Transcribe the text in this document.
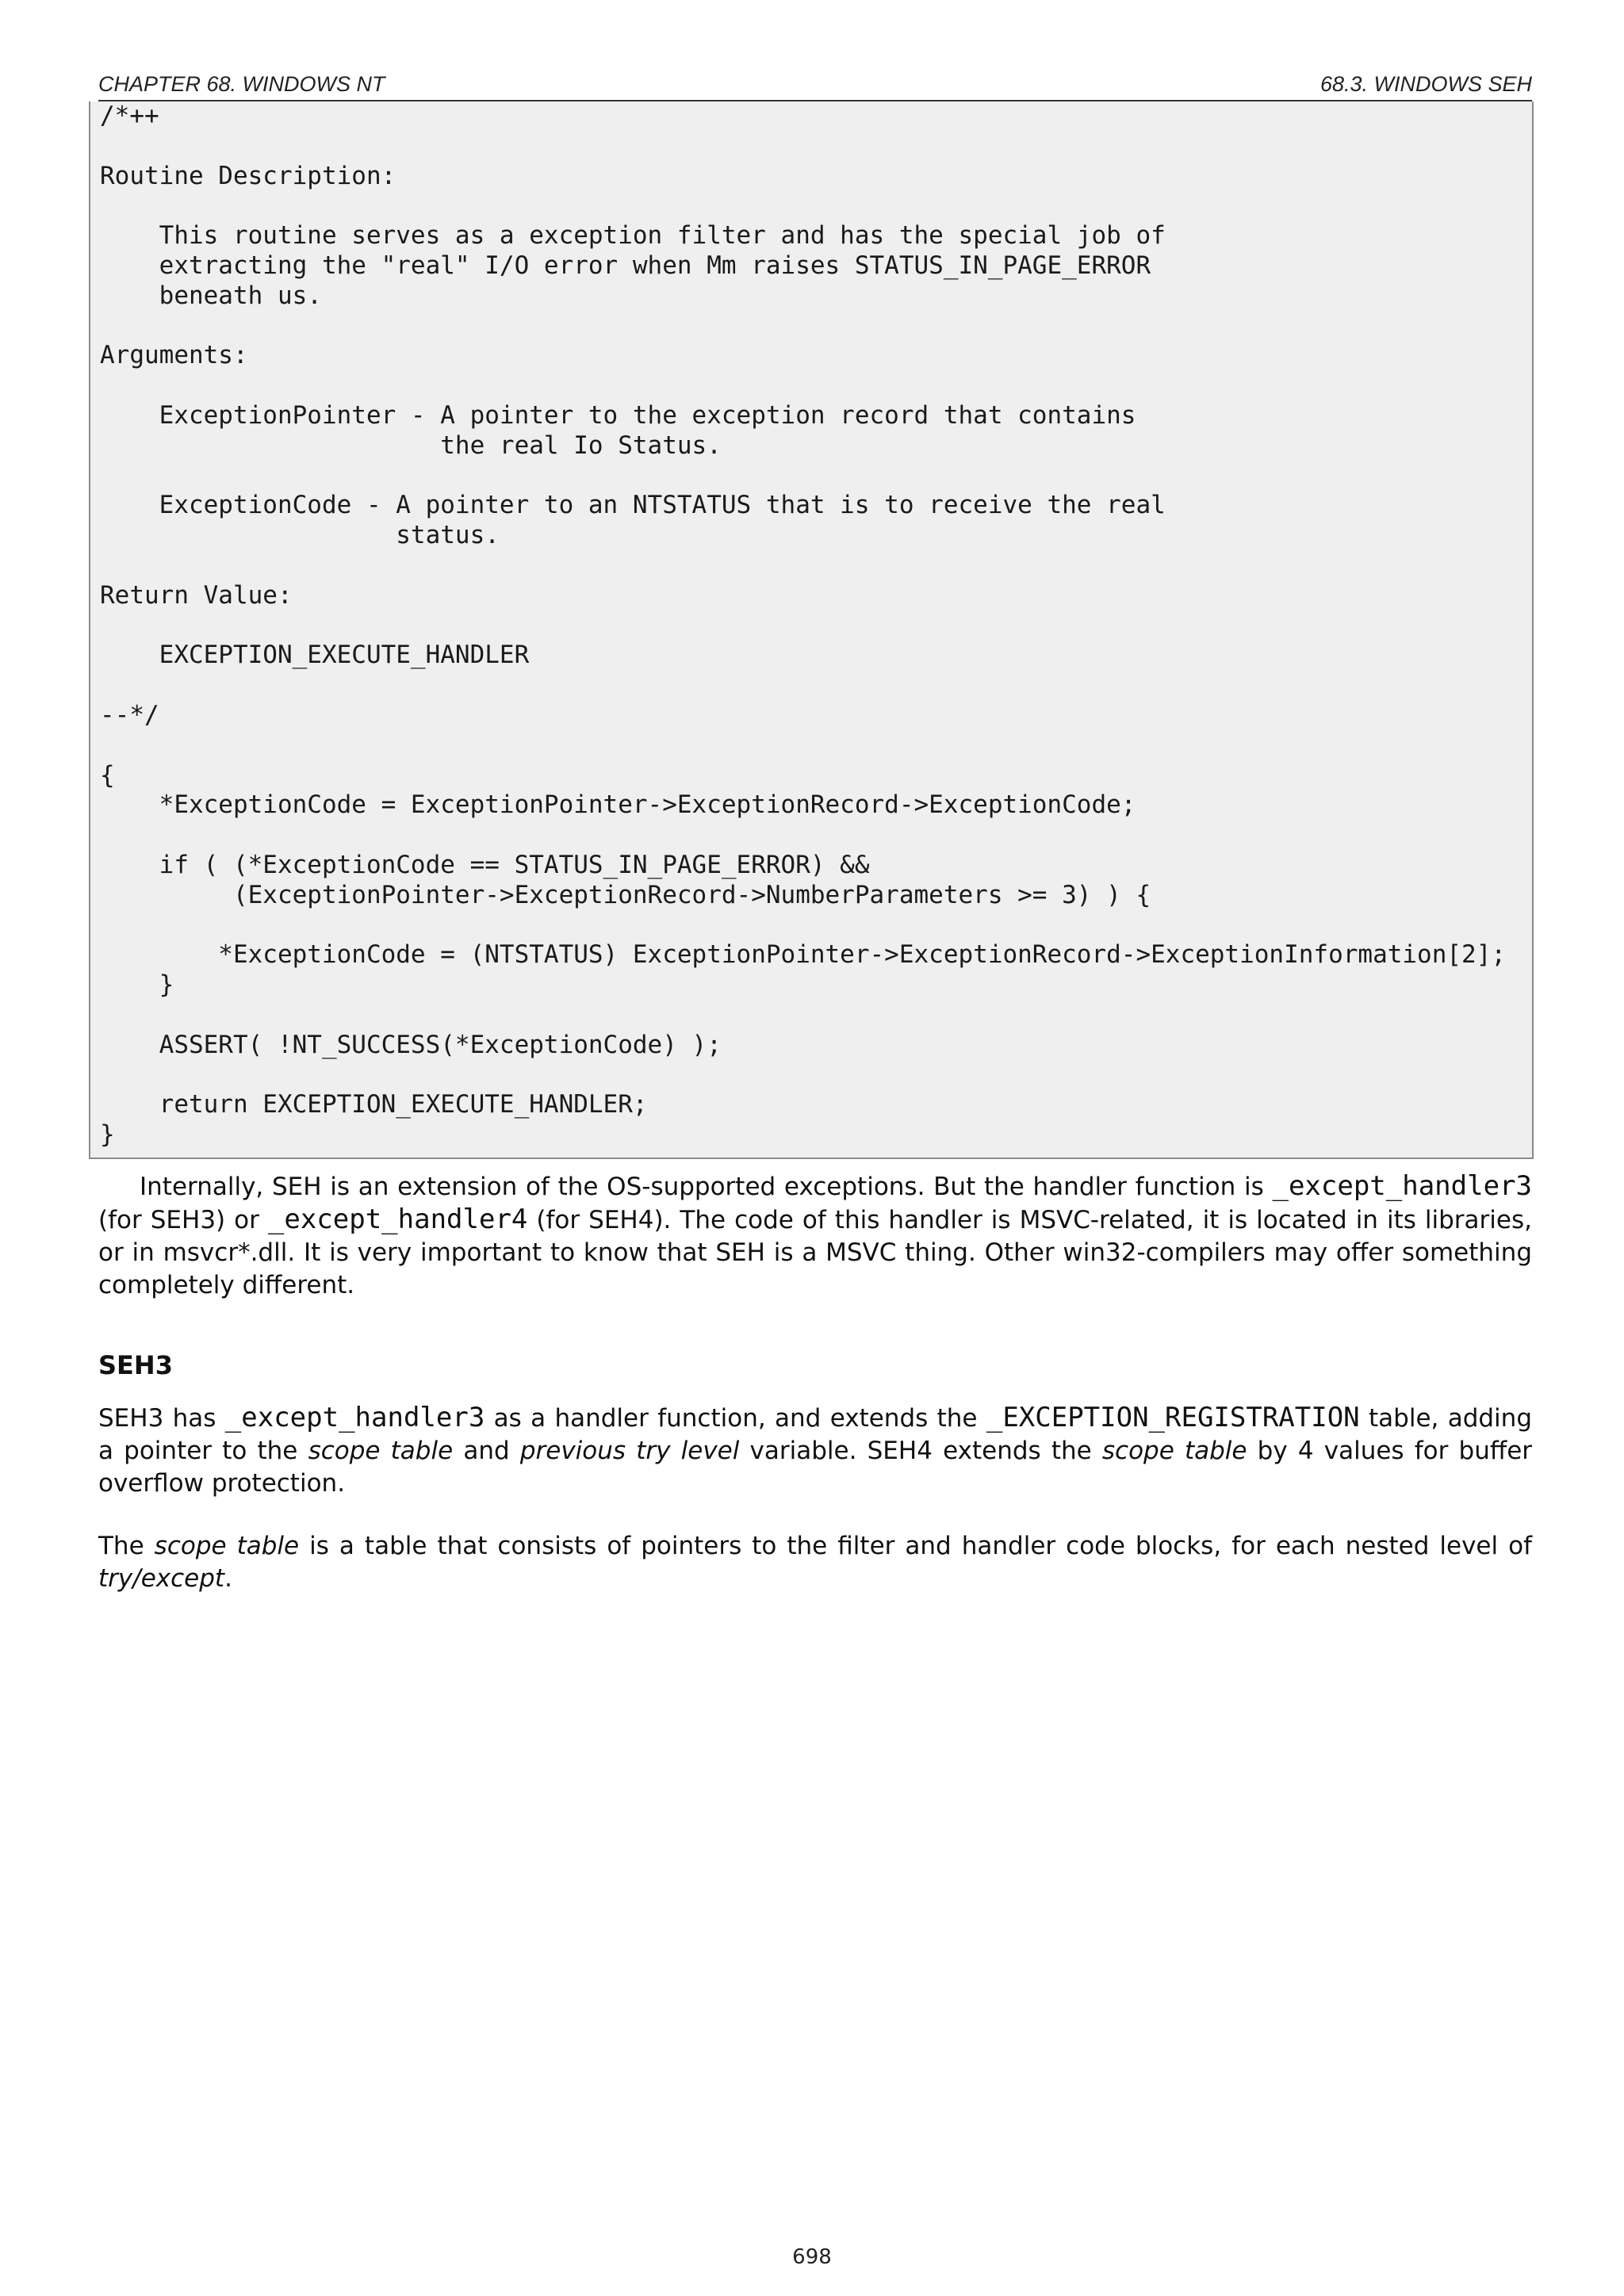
CHAPTER 68. WINDOWS NT	68.3. WINDOWS SEH
/*++

Routine Description:

This routine serves as a exception filter and has the special job of
extracting the "real" I/O error when Mm raises STATUS_IN_PAGE_ERROR
beneath us.

Arguments:

ExceptionPointer - A pointer to the exception record that contains
the real Io Status.

ExceptionCode - A pointer to an NTSTATUS that is to receive the real
status.

Return Value:

EXCEPTION_EXECUTE_HANDLER

--*/

{
*ExceptionCode = ExceptionPointer->ExceptionRecord->ExceptionCode;

if ( (*ExceptionCode == STATUS_IN_PAGE_ERROR) &&
(ExceptionPointer->ExceptionRecord->NumberParameters >= 3) ) {

*ExceptionCode = (NTSTATUS) ExceptionPointer->ExceptionRecord->ExceptionInformation[2];
}

ASSERT( !NT_SUCCESS(*ExceptionCode) );

return EXCEPTION_EXECUTE_HANDLER;
}

Internally, SEH is an extension of the OS-supported exceptions. But the handler function is _except_handler3 (for SEH3) or _except_handler4 (for SEH4). The code of this handler is MSVC-related, it is located in its libraries, or in msvcr*.dll. It is very important to know that SEH is a MSVC thing. Other win32-compilers may offer something completely different.

SEH3

SEH3 has _except_handler3 as a handler function, and extends the _EXCEPTION_REGISTRATION table, adding a pointer to the scope table and previous try level variable. SEH4 extends the scope table by 4 values for buffer overflow protection.

The scope table is a table that consists of pointers to the filter and handler code blocks, for each nested level of try/except.

698
